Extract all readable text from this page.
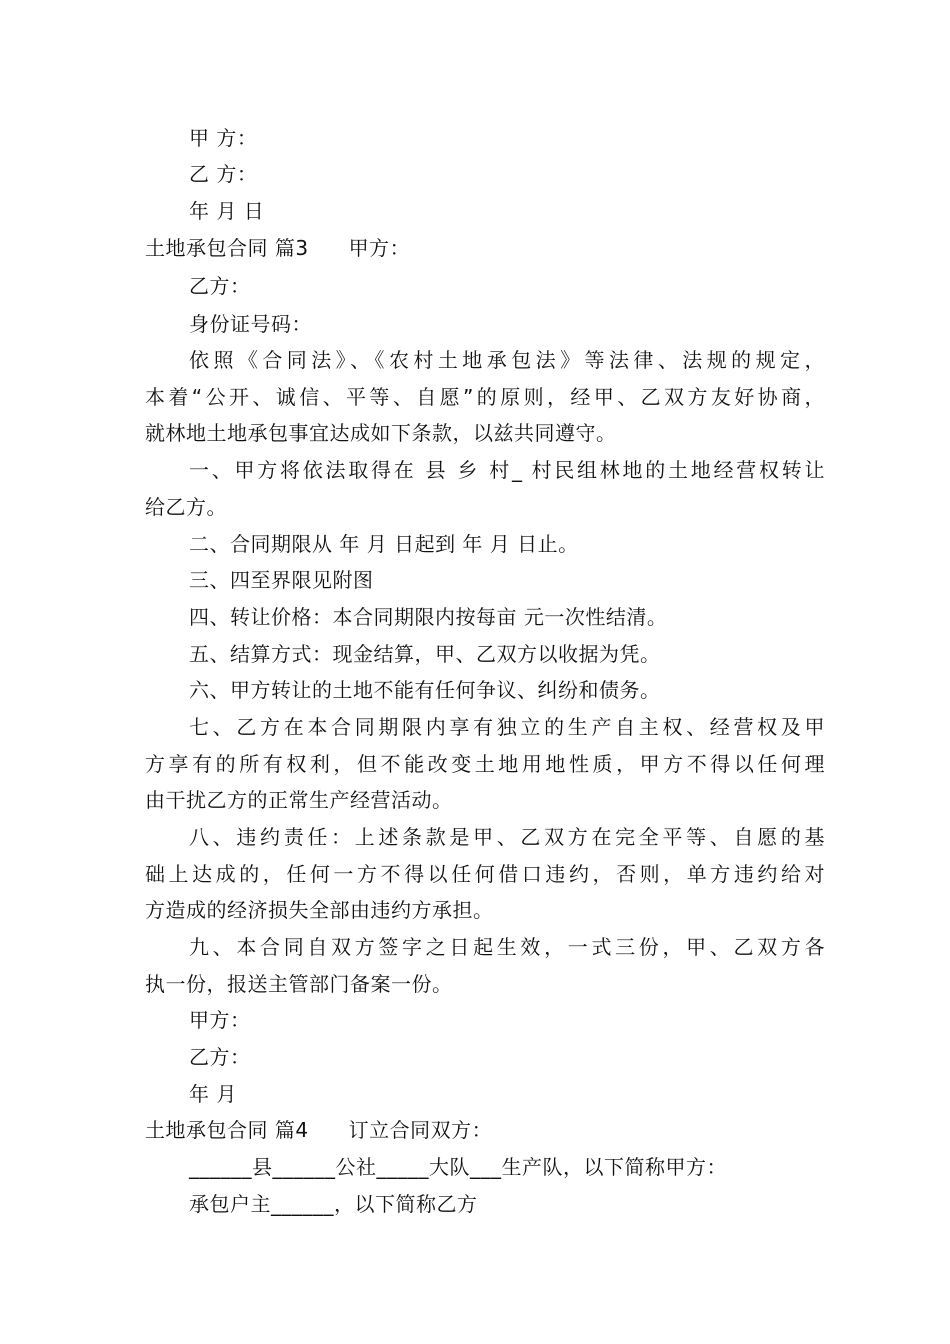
甲 方：
乙 方：
年 月 日
土地承包合同 篇3 甲方：
乙方：
身份证号码：
依照《合同法》、《农村土地承包法》等法律、法规的规定，
本着“公开、诚信、平等、自愿”的原则，经甲、乙双方友好协商，
就林地土地承包事宜达成如下条款，以兹共同遵守。
一、甲方将依法取得在 县 乡 村_ 村民组林地的土地经营权转让
给乙方。
二、合同期限从 年 月 日起到 年 月 日止。
三、四至界限见附图
四、转让价格：本合同期限内按每亩 元一次性结清。
五、结算方式：现金结算，甲、乙双方以收据为凭。
六、甲方转让的土地不能有任何争议、纠纷和债务。
七、乙方在本合同期限内享有独立的生产自主权、经营权及甲
方享有的所有权利，但不能改变土地用地性质，甲方不得以任何理
由干扰乙方的正常生产经营活动。
八、违约责任：上述条款是甲、乙双方在完全平等、自愿的基
础上达成的，任何一方不得以任何借口违约，否则，单方违约给对
方造成的经济损失全部由违约方承担。
九、本合同自双方签字之日起生效，一式三份，甲、乙双方各
执一份，报送主管部门备案一份。
甲方：
乙方：
年 月
土地承包合同 篇4 订立合同双方：
______县______公社_____大队___生产队，以下简称甲方：
承包户主______，以下简称乙方
